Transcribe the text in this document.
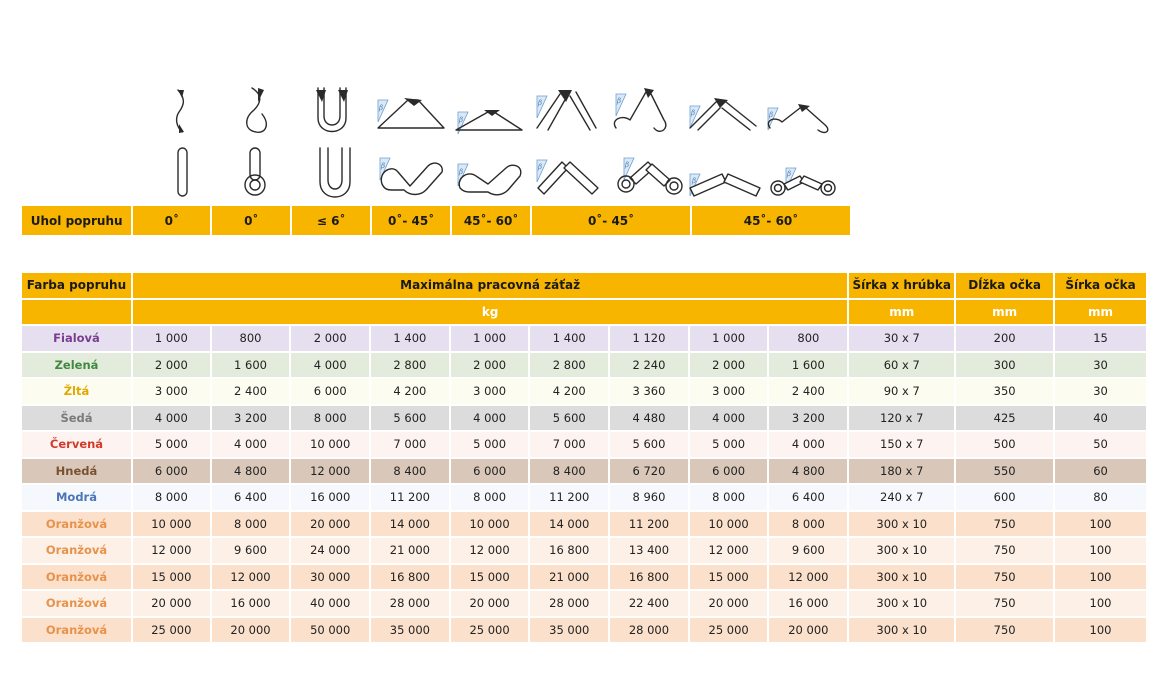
β
β
β	β
β	β
β
β
β	β
β
β
Uhol popruhu	0˚	0˚	≤ 6˚	0˚- 45˚	45˚- 60˚	0˚- 45˚	45˚- 60˚
Farba popruhu	Maximálna pracovná záťaž									Šírka x hrúbka	Dĺžka očka	Šírka očka
	kg									mm	mm	mm
Fialová	1 000	800	2 000	1 400	1 000	1 400	1 120	1 000	800	30 x 7	200	15
Zelená	2 000	1 600	4 000	2 800	2 000	2 800	2 240	2 000	1 600	60 x 7	300	30
Žltá	3 000	2 400	6 000	4 200	3 000	4 200	3 360	3 000	2 400	90 x 7	350	30
Šedá	4 000	3 200	8 000	5 600	4 000	5 600	4 480	4 000	3 200	120 x 7	425	40
Červená	5 000	4 000	10 000	7 000	5 000	7 000	5 600	5 000	4 000	150 x 7	500	50
Hnedá	6 000	4 800	12 000	8 400	6 000	8 400	6 720	6 000	4 800	180 x 7	550	60
Modrá	8 000	6 400	16 000	11 200	8 000	11 200	8 960	8 000	6 400	240 x 7	600	80
Oranžová	10 000	8 000	20 000	14 000	10 000	14 000	11 200	10 000	8 000	300 x 10	750	100
Oranžová	12 000	9 600	24 000	21 000	12 000	16 800	13 400	12 000	9 600	300 x 10	750	100
Oranžová	15 000	12 000	30 000	16 800	15 000	21 000	16 800	15 000	12 000	300 x 10	750	100
Oranžová	20 000	16 000	40 000	28 000	20 000	28 000	22 400	20 000	16 000	300 x 10	750	100
Oranžová	25 000	20 000	50 000	35 000	25 000	35 000	28 000	25 000	20 000	300 x 10	750	100
